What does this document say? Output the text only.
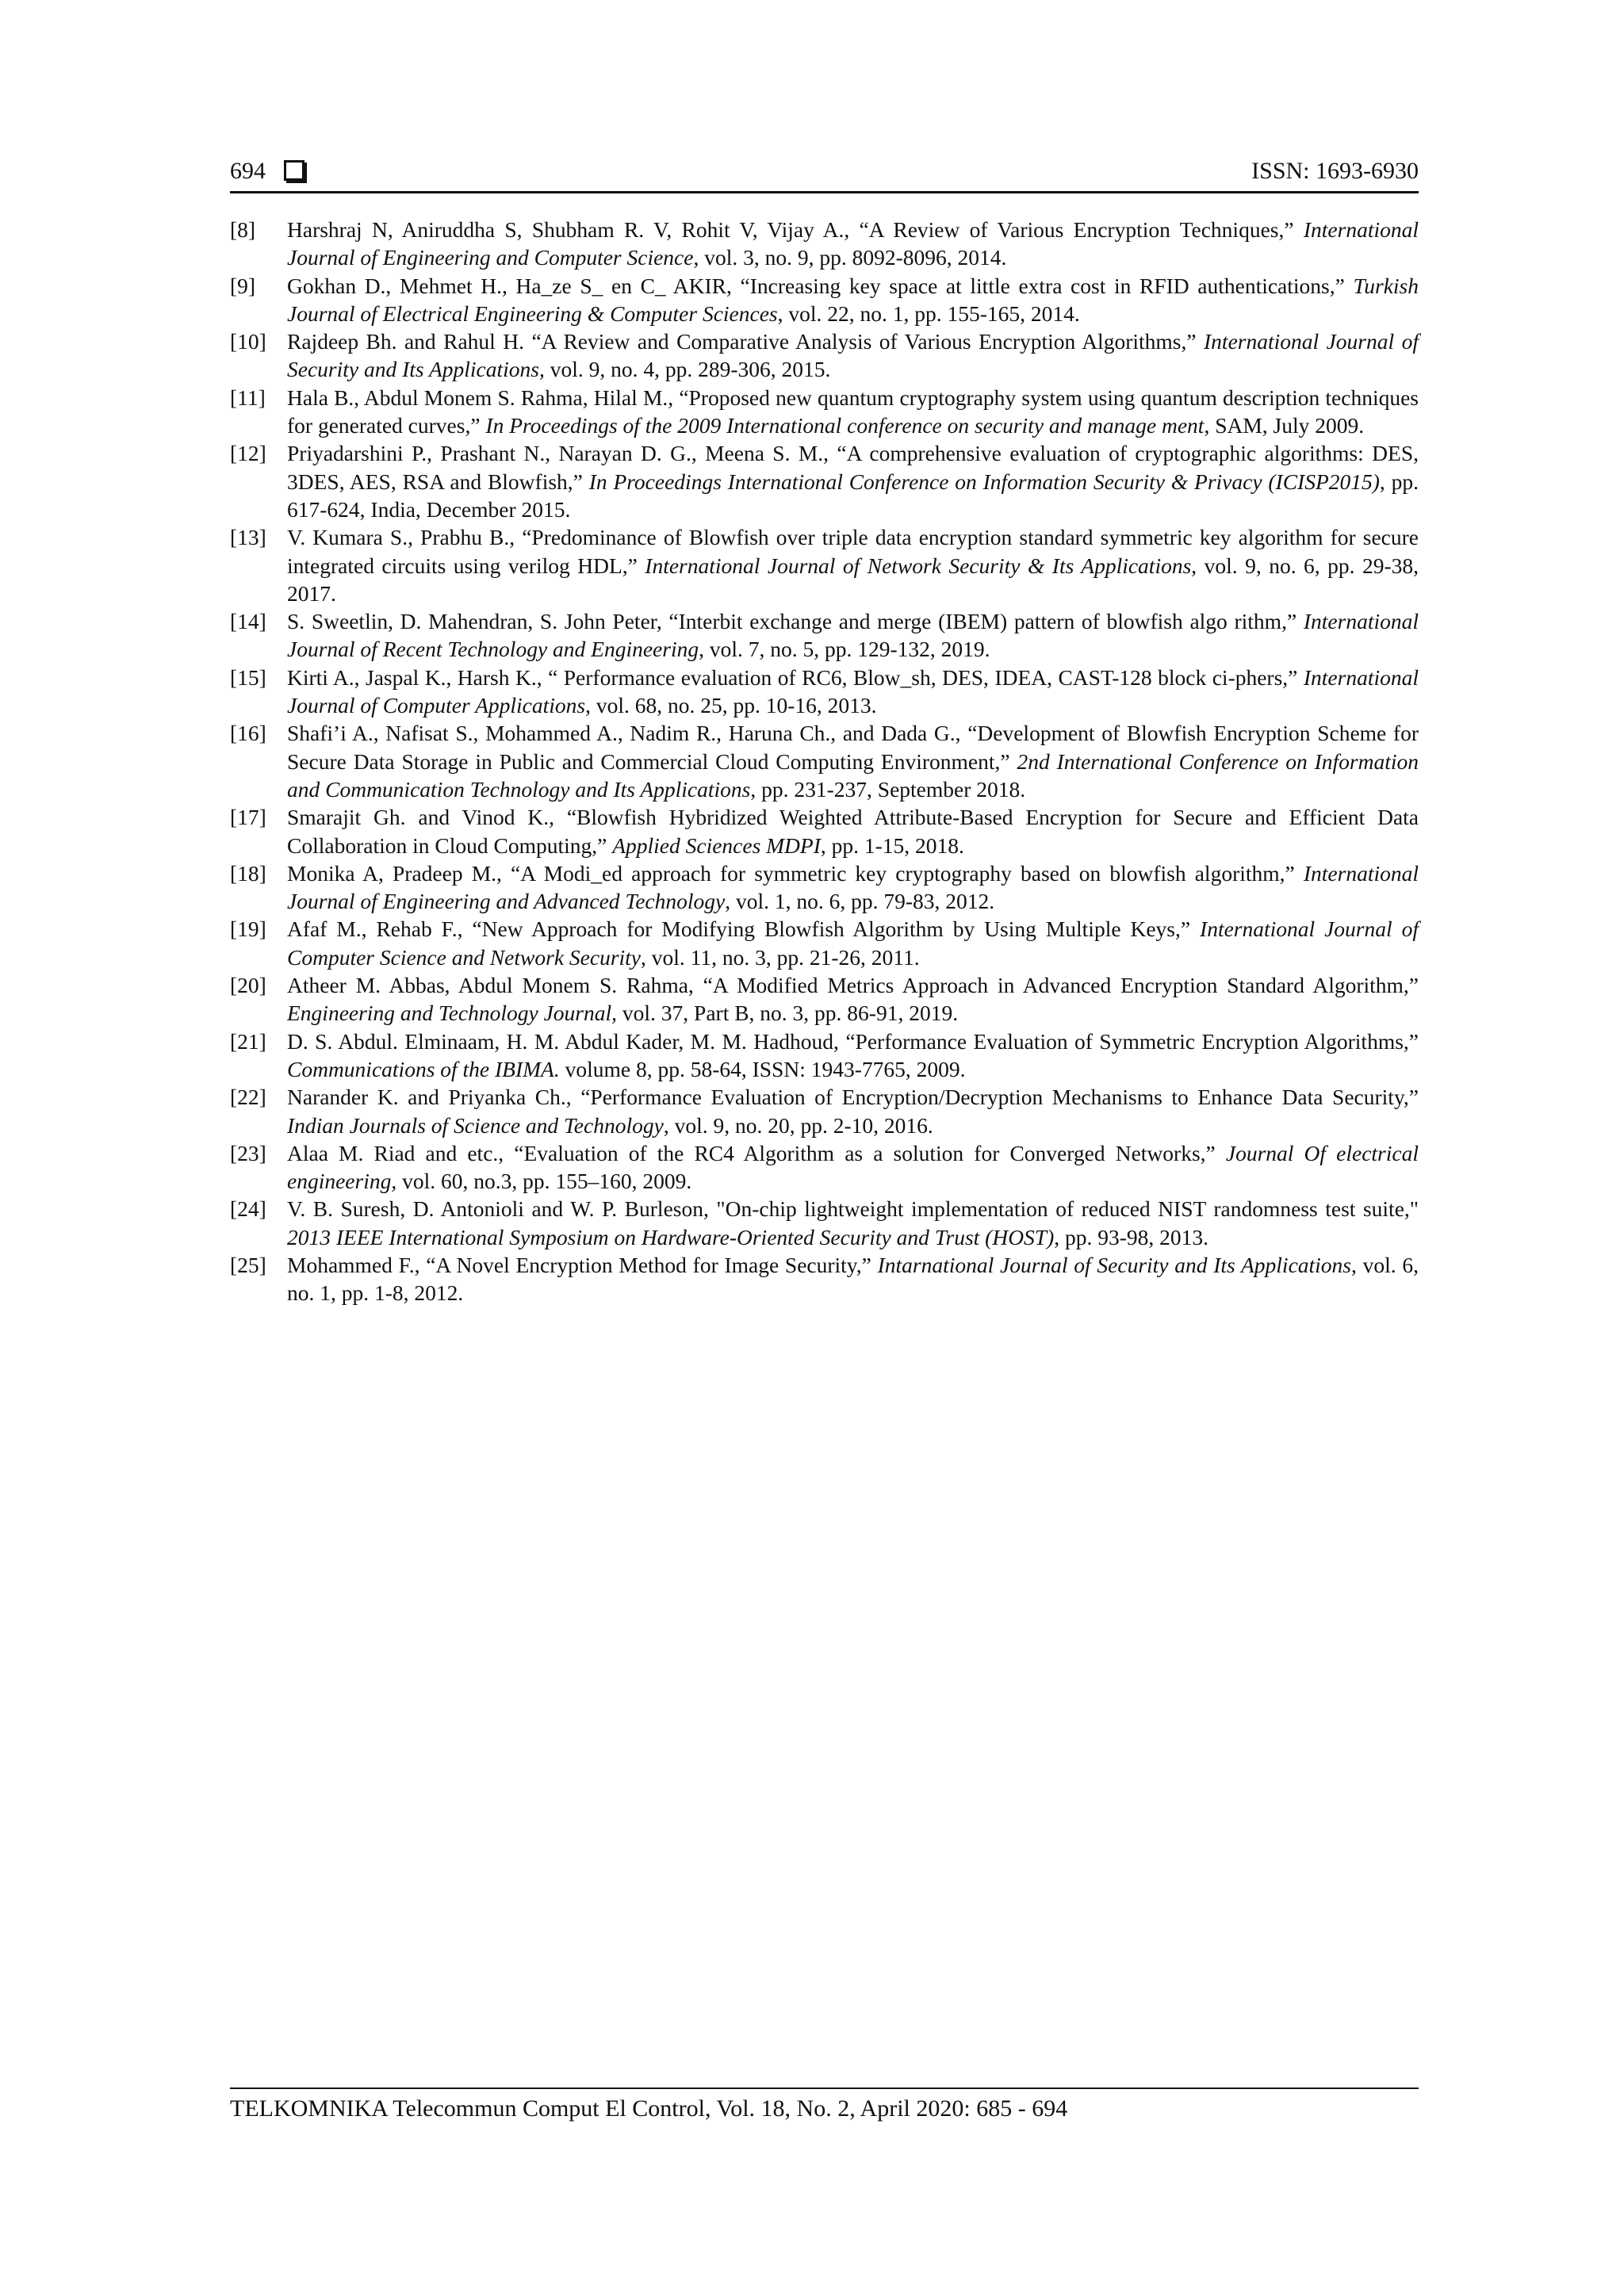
694	ISSN: 1693-6930
[8] Harshraj N, Aniruddha S, Shubham R. V, Rohit V, Vijay A., “A Review of Various Encryption Techniques,” International Journal of Engineering and Computer Science, vol. 3, no. 9, pp. 8092-8096, 2014.
[9] Gokhan D., Mehmet H., Ha_ze S_ en C_ AKIR, “Increasing key space at little extra cost in RFID authentications,” Turkish Journal of Electrical Engineering & Computer Sciences, vol. 22, no. 1, pp. 155-165, 2014.
[10] Rajdeep Bh. and Rahul H. “A Review and Comparative Analysis of Various Encryption Algorithms,” International Journal of Security and Its Applications, vol. 9, no. 4, pp. 289-306, 2015.
[11] Hala B., Abdul Monem S. Rahma, Hilal M., “Proposed new quantum cryptography system using quantum description techniques for generated curves,” In Proceedings of the 2009 International conference on security and manage ment, SAM, July 2009.
[12] Priyadarshini P., Prashant N., Narayan D. G., Meena S. M., “A comprehensive evaluation of cryptographic algorithms: DES, 3DES, AES, RSA and Blowfish,” In Proceedings International Conference on Information Security & Privacy (ICISP2015), pp. 617-624, India, December 2015.
[13] V. Kumara S., Prabhu B., “Predominance of Blowfish over triple data encryption standard symmetric key algorithm for secure integrated circuits using verilog HDL,” International Journal of Network Security & Its Applications, vol. 9, no. 6, pp. 29-38, 2017.
[14] S. Sweetlin, D. Mahendran, S. John Peter, “Interbit exchange and merge (IBEM) pattern of blowfish algo rithm,” International Journal of Recent Technology and Engineering, vol. 7, no. 5, pp. 129-132, 2019.
[15] Kirti A., Jaspal K., Harsh K., “ Performance evaluation of RC6, Blow_sh, DES, IDEA, CAST-128 block ci-phers,” International Journal of Computer Applications, vol. 68, no. 25, pp. 10-16, 2013.
[16] Shafi’i A., Nafisat S., Mohammed A., Nadim R., Haruna Ch., and Dada G., “Development of Blowfish Encryption Scheme for Secure Data Storage in Public and Commercial Cloud Computing Environment,” 2nd International Conference on Information and Communication Technology and Its Applications, pp. 231-237, September 2018.
[17] Smarajit Gh. and Vinod K., “Blowfish Hybridized Weighted Attribute-Based Encryption for Secure and Efficient Data Collaboration in Cloud Computing,” Applied Sciences MDPI, pp. 1-15, 2018.
[18] Monika A, Pradeep M., “A Modi_ed approach for symmetric key cryptography based on blowfish algorithm,” International Journal of Engineering and Advanced Technology, vol. 1, no. 6, pp. 79-83, 2012.
[19] Afaf M., Rehab F., “New Approach for Modifying Blowfish Algorithm by Using Multiple Keys,” International Journal of Computer Science and Network Security, vol. 11, no. 3, pp. 21-26, 2011.
[20] Atheer M. Abbas, Abdul Monem S. Rahma, “A Modified Metrics Approach in Advanced Encryption Standard Algorithm,” Engineering and Technology Journal, vol. 37, Part B, no. 3, pp. 86-91, 2019.
[21] D. S. Abdul. Elminaam, H. M. Abdul Kader, M. M. Hadhoud, “Performance Evaluation of Symmetric Encryption Algorithms,” Communications of the IBIMA. volume 8, pp. 58-64, ISSN: 1943-7765, 2009.
[22] Narander K. and Priyanka Ch., “Performance Evaluation of Encryption/Decryption Mechanisms to Enhance Data Security,” Indian Journals of Science and Technology, vol. 9, no. 20, pp. 2-10, 2016.
[23] Alaa M. Riad and etc., “Evaluation of the RC4 Algorithm as a solution for Converged Networks,” Journal Of electrical engineering, vol. 60, no.3, pp. 155–160, 2009.
[24] V. B. Suresh, D. Antonioli and W. P. Burleson, "On-chip lightweight implementation of reduced NIST randomness test suite," 2013 IEEE International Symposium on Hardware-Oriented Security and Trust (HOST), pp. 93-98, 2013.
[25] Mohammed F., “A Novel Encryption Method for Image Security,” Intarnational Journal of Security and Its Applications, vol. 6, no. 1, pp. 1-8, 2012.
TELKOMNIKA Telecommun Comput El Control, Vol. 18, No. 2, April 2020: 685 - 694
